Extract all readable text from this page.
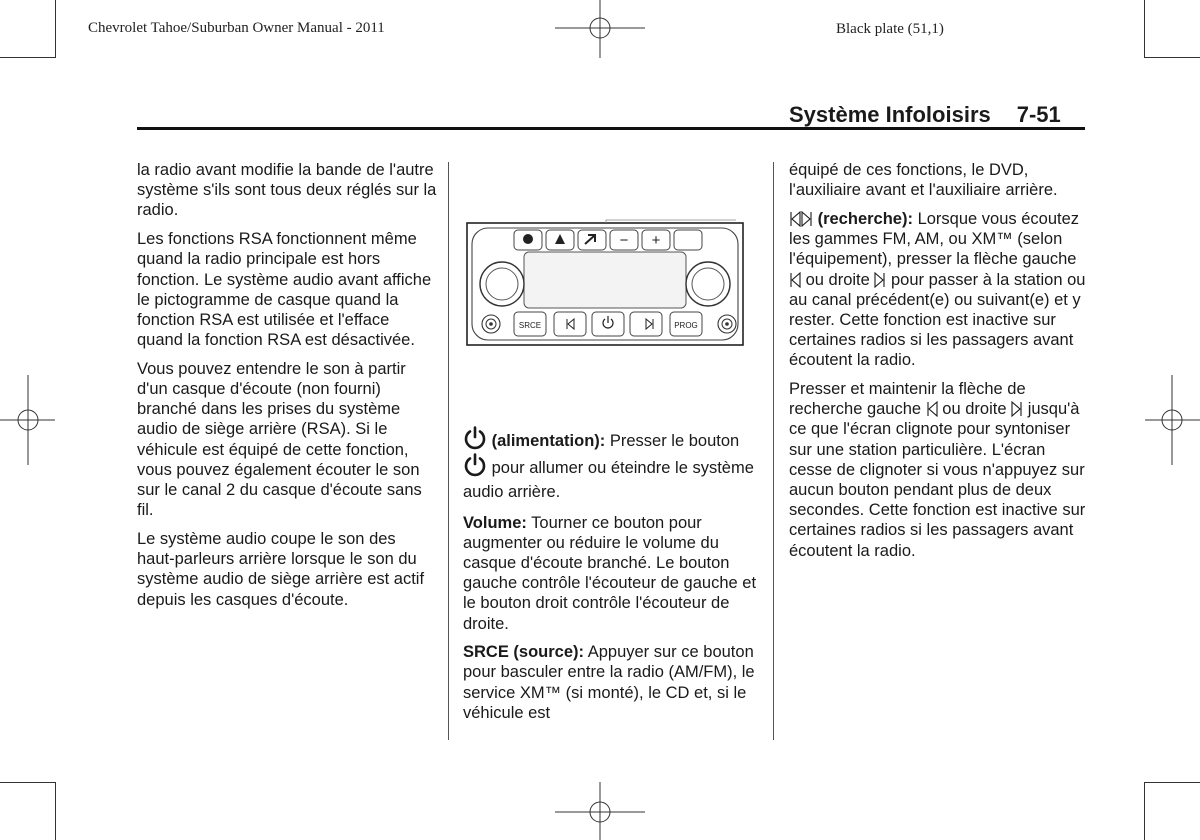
Chevrolet Tahoe/Suburban Owner Manual - 2011	Black plate (51,1)
Système Infoloisirs 7-51

la radio avant modifie la bande de l'autre système s'ils sont tous deux réglés sur la radio.

Les fonctions RSA fonctionnent même quand la radio principale est hors fonction. Le système audio avant affiche le pictogramme de casque quand la fonction RSA est utilisée et l'efface quand la fonction RSA est désactivée.

Vous pouvez entendre le son à partir d'un casque d'écoute (non fourni) branché dans les prises du système audio de siège arrière (RSA). Si le véhicule est équipé de cette fonction, vous pouvez également écouter le son sur le canal 2 du casque d'écoute sans fil.

Le système audio coupe le son des haut-parleurs arrière lorsque le son du système audio de siège arrière est actif depuis les casques d'écoute.

− +
SRCE	PROG

(alimentation): Presser le bouton  pour allumer ou éteindre le système audio arrière.

Volume: Tourner ce bouton pour augmenter ou réduire le volume du casque d'écoute branché. Le bouton gauche contrôle l'écouteur de gauche et le bouton droit contrôle l'écouteur de droite.

SRCE (source): Appuyer sur ce bouton pour basculer entre la radio (AM/FM), le service XM™ (si monté), le CD et, si le véhicule est

équipé de ces fonctions, le DVD, l'auxiliaire avant et l'auxiliaire arrière.

(recherche): Lorsque vous écoutez les gammes FM, AM, ou XM™ (selon l'équipement), presser la flèche gauche  ou droite pour passer à la station ou au canal précédent(e) ou suivant(e) et y rester. Cette fonction est inactive sur certaines radios si les passagers avant écoutent la radio.

Presser et maintenir la flèche de recherche gauche ou droite jusqu'à ce que l'écran clignote pour syntoniser sur une station particulière. L'écran cesse de clignoter si vous n'appuyez sur aucun bouton pendant plus de deux secondes. Cette fonction est inactive sur certaines radios si les passagers avant écoutent la radio.
